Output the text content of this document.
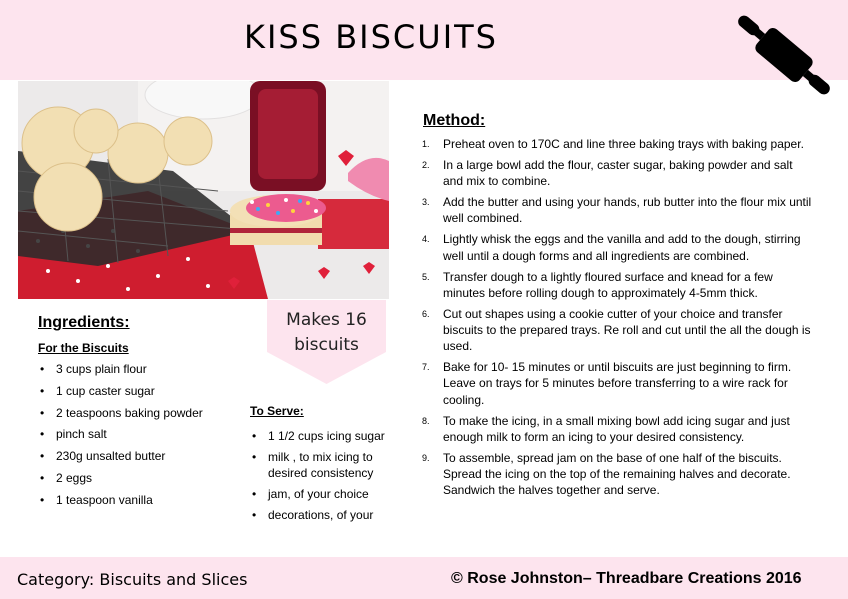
KISS BISCUITS
Makes 16
biscuits
Ingredients:
For the Biscuits
• 3 cups plain flour
• 1 cup caster sugar
• 2 teaspoons baking powder
• pinch salt
• 230g unsalted butter
• 2 eggs
• 1 teaspoon vanilla
To Serve:
• 1 1/2 cups icing sugar
• milk , to mix icing to desired consistency
• jam, of your choice
• decorations, of your
Method:
1. Preheat oven to 170C and line three baking trays with baking paper.
2. In a large bowl add the flour, caster sugar, baking powder and salt and mix to combine.
3. Add the butter and using your hands, rub butter into the flour mix until well combined.
4. Lightly whisk the eggs and the vanilla and add to the dough, stirring well until a dough forms and all ingredients are combined.
5. Transfer dough to a lightly floured surface and knead for a few minutes before rolling dough to approximately 4-5mm thick.
6. Cut out shapes using a cookie cutter of your choice and transfer biscuits to the prepared trays. Re roll and cut until the all the dough is used.
7. Bake for 10- 15 minutes or until biscuits are just beginning to firm. Leave on trays for 5 minutes before transferring to a wire rack for cooling.
8. To make the icing, in a small mixing bowl add icing sugar and just enough milk to form an icing to your desired consistency.
9. To assemble, spread jam on the base of one half of the biscuits. Spread the icing on the top of the remaining halves and decorate. Sandwich the halves together and serve.
Category: Biscuits and Slices	© Rose Johnston– Threadbare Creations 2016
